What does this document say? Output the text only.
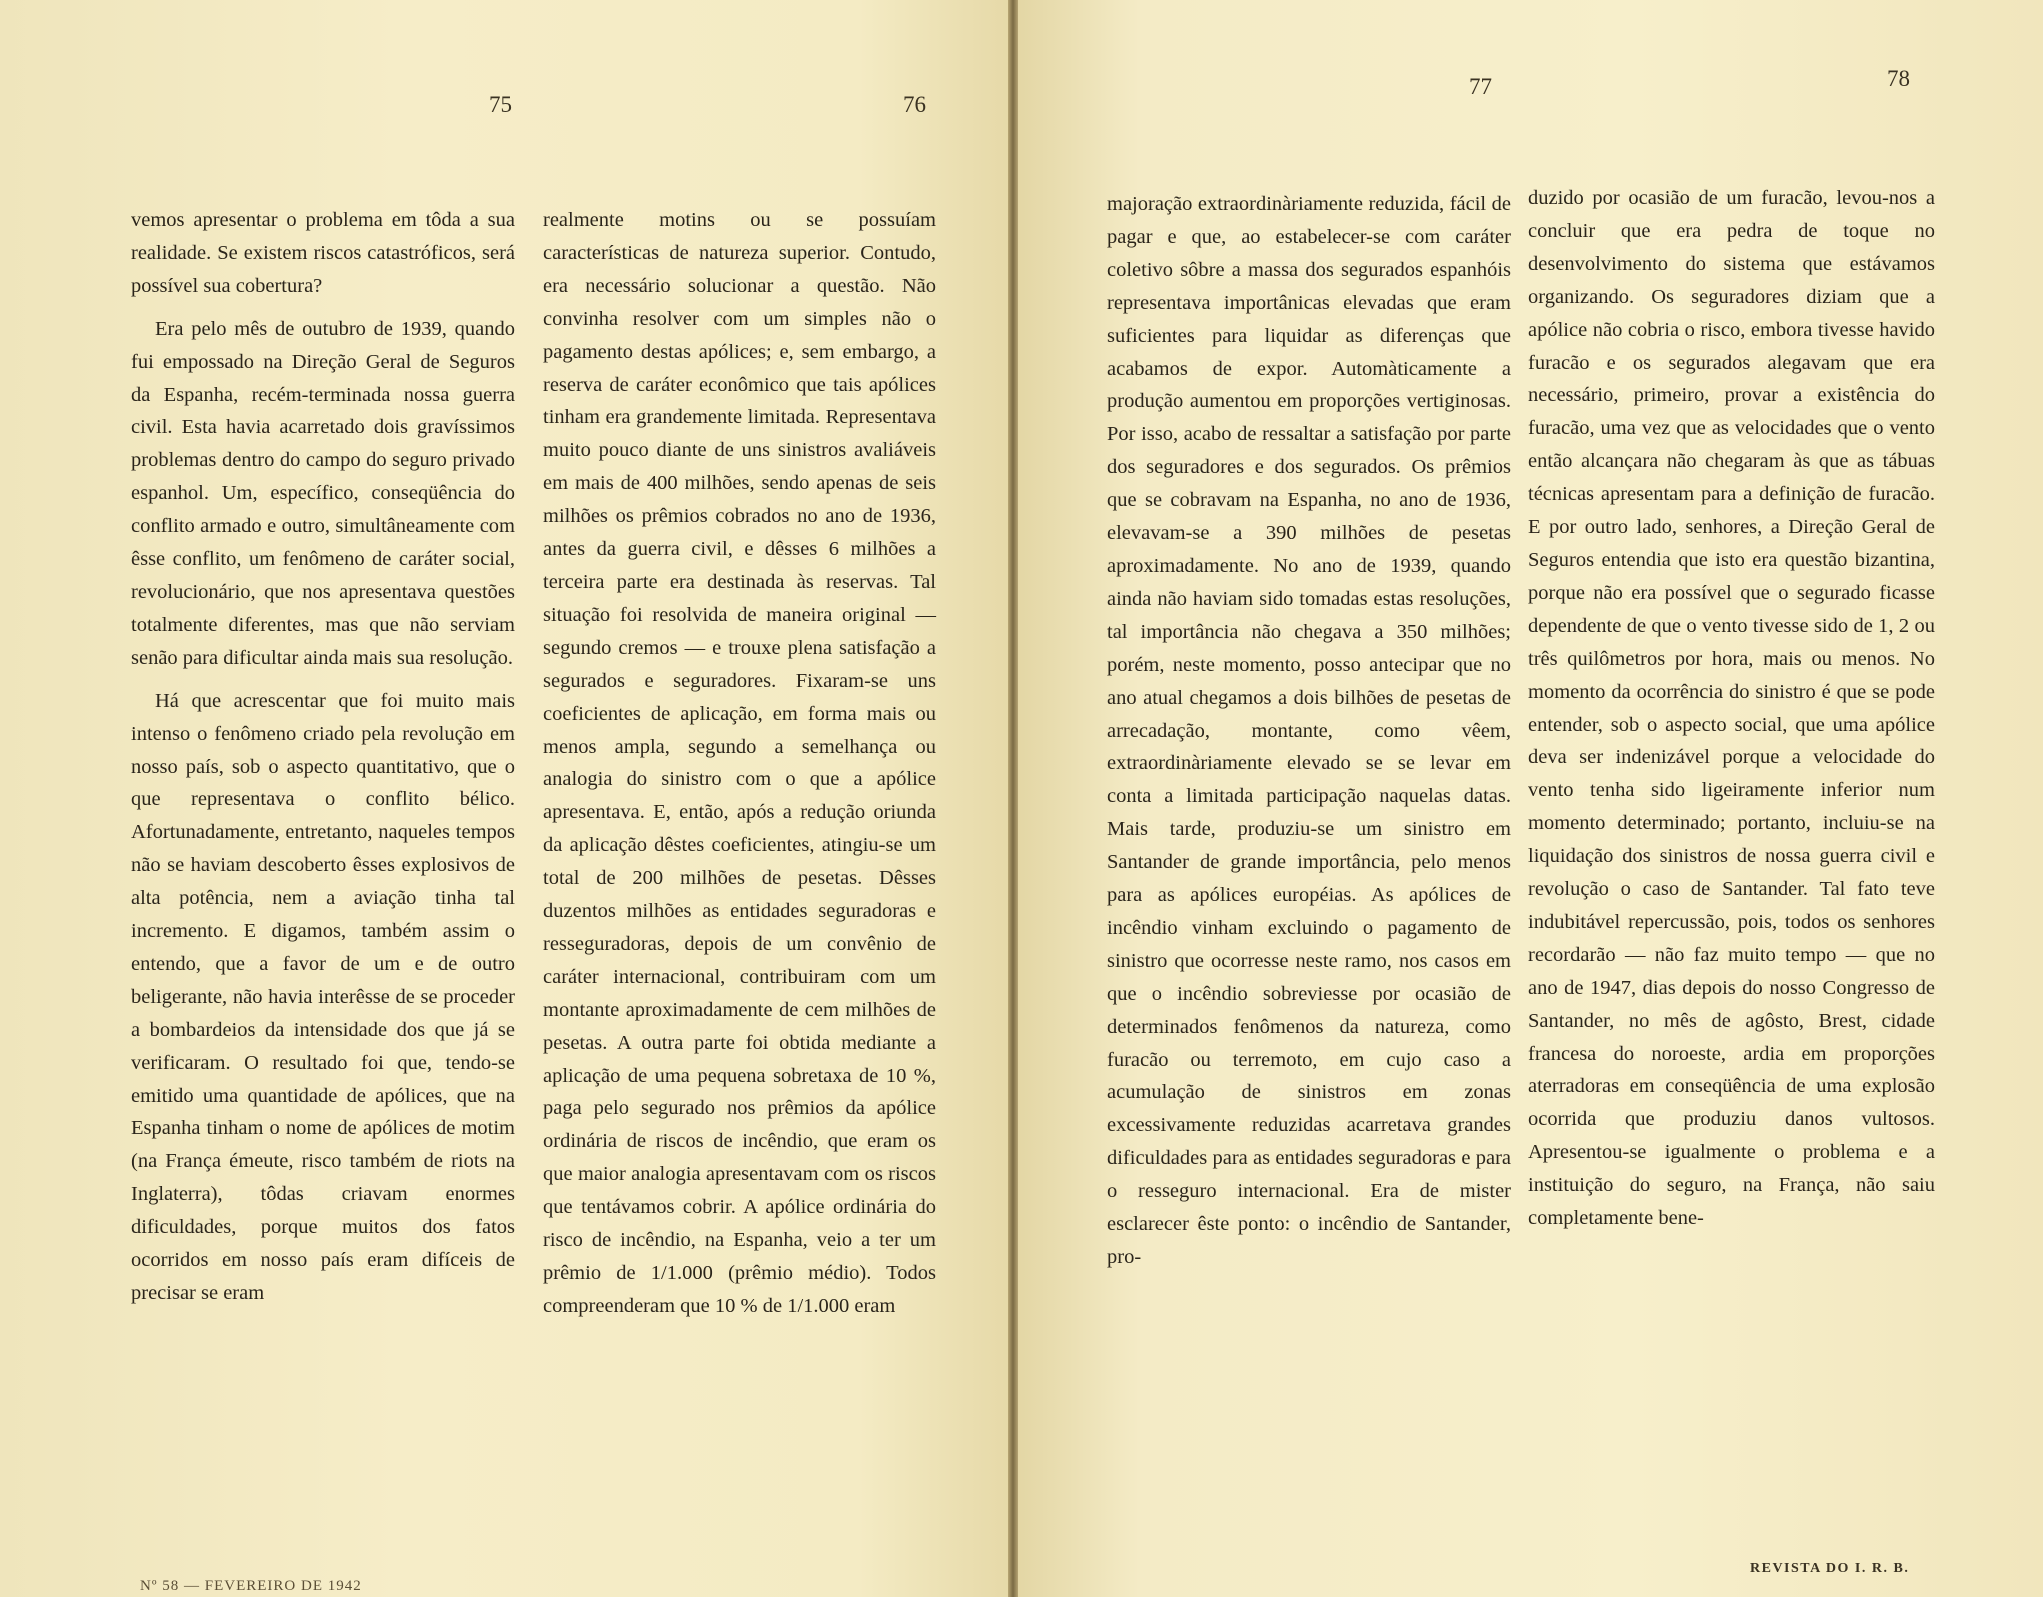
75	76
77	78

vemos apresentar o problema em tôda a sua realidade. Se existem riscos catastróficos, será possível sua cobertura?

Era pelo mês de outubro de 1939, quando fui empossado na Direção Geral de Seguros da Espanha, recém-terminada nossa guerra civil. Esta havia acarretado dois gravíssimos problemas dentro do campo do seguro privado espanhol. Um, específico, conseqüência do conflito armado e outro, simultâneamente com êsse conflito, um fenômeno de caráter social, revolucionário, que nos apresentava questões totalmente diferentes, mas que não serviam senão para dificultar ainda mais sua resolução.

Há que acrescentar que foi muito mais intenso o fenômeno criado pela revolução em nosso país, sob o aspecto quantitativo, que o que representava o conflito bélico. Afortunadamente, entretanto, naqueles tempos não se haviam descoberto êsses explosivos de alta potência, nem a aviação tinha tal incremento. E digamos, também assim o entendo, que a favor de um e de outro beligerante, não havia interêsse de se proceder a bombardeios da intensidade dos que já se verificaram. O resultado foi que, tendo-se emitido uma quantidade de apólices, que na Espanha tinham o nome de apólices de motim (na França émeute, risco também de riots na Inglaterra), tôdas criavam enormes dificuldades, porque muitos dos fatos ocorridos em nosso país eram difíceis de precisar se eram

realmente motins ou se possuíam características de natureza superior. Contudo, era necessário solucionar a questão. Não convinha resolver com um simples não o pagamento destas apólices; e, sem embargo, a reserva de caráter econômico que tais apólices tinham era grandemente limitada. Representava muito pouco diante de uns sinistros avaliáveis em mais de 400 milhões, sendo apenas de seis milhões os prêmios cobrados no ano de 1936, antes da guerra civil, e dêsses 6 milhões a terceira parte era destinada às reservas. Tal situação foi resolvida de maneira original — segundo cremos — e trouxe plena satisfação a segurados e seguradores. Fixaram-se uns coeficientes de aplicação, em forma mais ou menos ampla, segundo a semelhança ou analogia do sinistro com o que a apólice apresentava. E, então, após a redução oriunda da aplicação dêstes coeficientes, atingiu-se um total de 200 milhões de pesetas. Dêsses duzentos milhões as entidades seguradoras e resseguradoras, depois de um convênio de caráter internacional, contribuiram com um montante aproximadamente de cem milhões de pesetas. A outra parte foi obtida mediante a aplicação de uma pequena sobretaxa de 10 %, paga pelo segurado nos prêmios da apólice ordinária de riscos de incêndio, que eram os que maior analogia apresentavam com os riscos que tentávamos cobrir. A apólice ordinária do risco de incêndio, na Espanha, veio a ter um prêmio de 1/1.000 (prêmio médio). Todos compreenderam que 10 % de 1/1.000 eram

majoração extraordinàriamente reduzida, fácil de pagar e que, ao estabelecer-se com caráter coletivo sôbre a massa dos segurados espanhóis representava importânicas elevadas que eram suficientes para liquidar as diferenças que acabamos de expor. Automàticamente a produção aumentou em proporções vertiginosas. Por isso, acabo de ressaltar a satisfação por parte dos seguradores e dos segurados. Os prêmios que se cobravam na Espanha, no ano de 1936, elevavam-se a 390 milhões de pesetas aproximadamente. No ano de 1939, quando ainda não haviam sido tomadas estas resoluções, tal importância não chegava a 350 milhões; porém, neste momento, posso antecipar que no ano atual chegamos a dois bilhões de pesetas de arrecadação, montante, como vêem, extraordinàriamente elevado se se levar em conta a limitada participação naquelas datas. Mais tarde, produziu-se um sinistro em Santander de grande importância, pelo menos para as apólices européias. As apólices de incêndio vinham excluindo o pagamento de sinistro que ocorresse neste ramo, nos casos em que o incêndio sobreviesse por ocasião de determinados fenômenos da natureza, como furacão ou terremoto, em cujo caso a acumulação de sinistros em zonas excessivamente reduzidas acarretava grandes dificuldades para as entidades seguradoras e para o resseguro internacional. Era de mister esclarecer êste ponto: o incêndio de Santander, pro-

duzido por ocasião de um furacão, levou-nos a concluir que era pedra de toque no desenvolvimento do sistema que estávamos organizando. Os seguradores diziam que a apólice não cobria o risco, embora tivesse havido furacão e os segurados alegavam que era necessário, primeiro, provar a existência do furacão, uma vez que as velocidades que o vento então alcançara não chegaram às que as tábuas técnicas apresentam para a definição de furacão. E por outro lado, senhores, a Direção Geral de Seguros entendia que isto era questão bizantina, porque não era possível que o segurado ficasse dependente de que o vento tivesse sido de 1, 2 ou três quilômetros por hora, mais ou menos. No momento da ocorrência do sinistro é que se pode entender, sob o aspecto social, que uma apólice deva ser indenizável porque a velocidade do vento tenha sido ligeiramente inferior num momento determinado; portanto, incluiu-se na liquidação dos sinistros de nossa guerra civil e revolução o caso de Santander. Tal fato teve indubitável repercussão, pois, todos os senhores recordarão — não faz muito tempo — que no ano de 1947, dias depois do nosso Congresso de Santander, no mês de agôsto, Brest, cidade francesa do noroeste, ardia em proporções aterradoras em conseqüência de uma explosão ocorrida que produziu danos vultosos. Apresentou-se igualmente o problema e a instituição do seguro, na França, não saiu completamente bene-

Nº 58 — FEVEREIRO DE 1942
REVISTA DO I. R. B.
